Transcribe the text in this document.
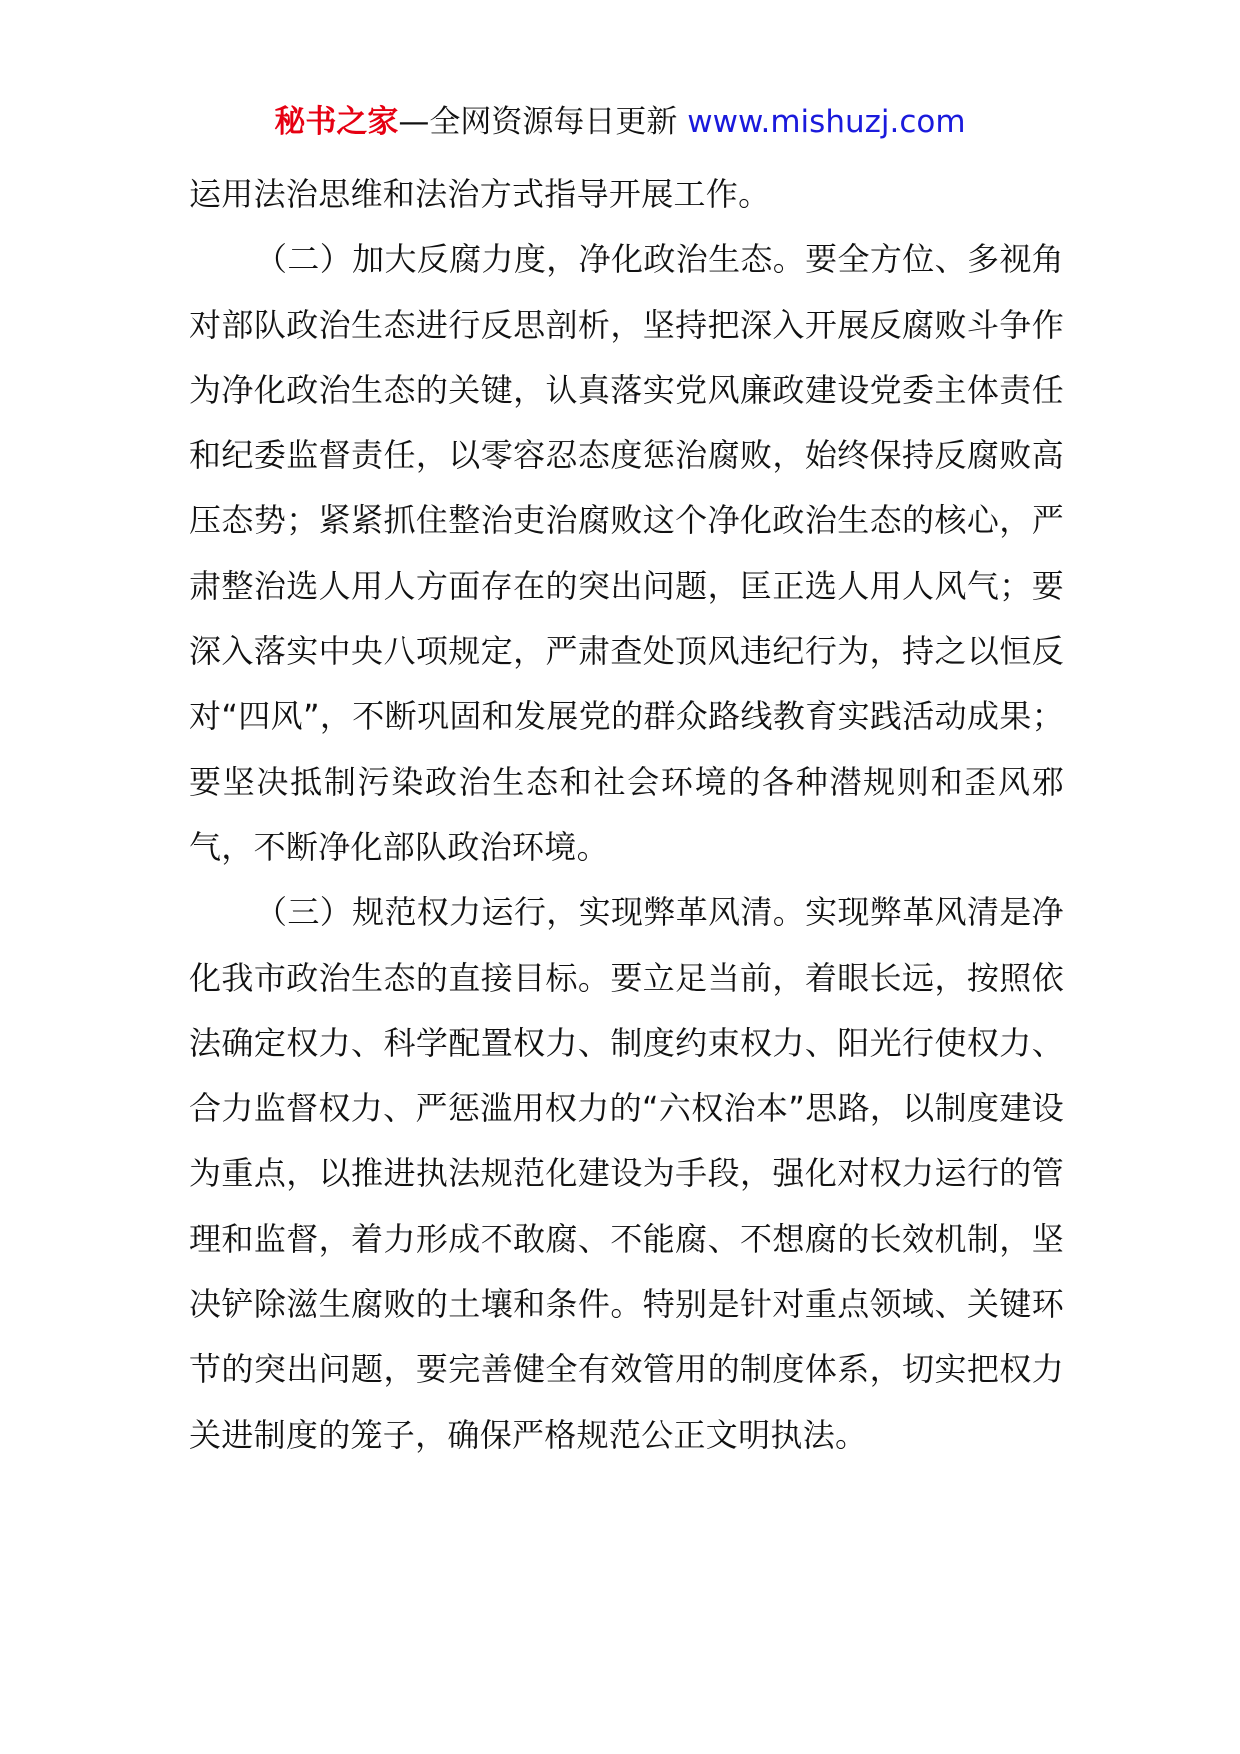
秘书之家—全网资源每日更新 www.mishuzj.com

运用法治思维和法治方式指导开展工作。

（二）加大反腐力度，净化政治生态。要全方位、多视角对部队政治生态进行反思剖析，坚持把深入开展反腐败斗争作为净化政治生态的关键，认真落实党风廉政建设党委主体责任和纪委监督责任，以零容忍态度惩治腐败，始终保持反腐败高压态势；紧紧抓住整治吏治腐败这个净化政治生态的核心，严肃整治选人用人方面存在的突出问题，匡正选人用人风气；要深入落实中央八项规定，严肃查处顶风违纪行为，持之以恒反对“四风”，不断巩固和发展党的群众路线教育实践活动成果；要坚决抵制污染政治生态和社会环境的各种潜规则和歪风邪气，不断净化部队政治环境。

（三）规范权力运行，实现弊革风清。实现弊革风清是净化我市政治生态的直接目标。要立足当前，着眼长远，按照依法确定权力、科学配置权力、制度约束权力、阳光行使权力、合力监督权力、严惩滥用权力的“六权治本”思路，以制度建设为重点，以推进执法规范化建设为手段，强化对权力运行的管理和监督，着力形成不敢腐、不能腐、不想腐的长效机制，坚决铲除滋生腐败的土壤和条件。特别是针对重点领域、关键环节的突出问题，要完善健全有效管用的制度体系，切实把权力关进制度的笼子，确保严格规范公正文明执法。
